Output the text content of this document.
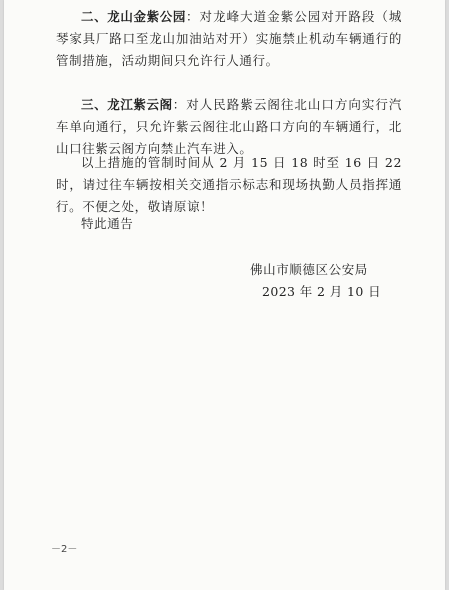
二、龙山金紫公园：对龙峰大道金紫公园对开路段（城琴家具厂路口至龙山加油站对开）实施禁止机动车辆通行的管制措施，活动期间只允许行人通行。

三、龙江紫云阁：对人民路紫云阁往北山口方向实行汽车单向通行，只允许紫云阁往北山路口方向的车辆通行，北山口往紫云阁方向禁止汽车进入。

以上措施的管制时间从 2 月 15 日 18 时至 16 日 22 时，请过往车辆按相关交通指示标志和现场执勤人员指挥通行。不便之处，敬请原谅！

特此通告
佛山市顺德区公安局
2023 年 2 月 10 日
－2－
